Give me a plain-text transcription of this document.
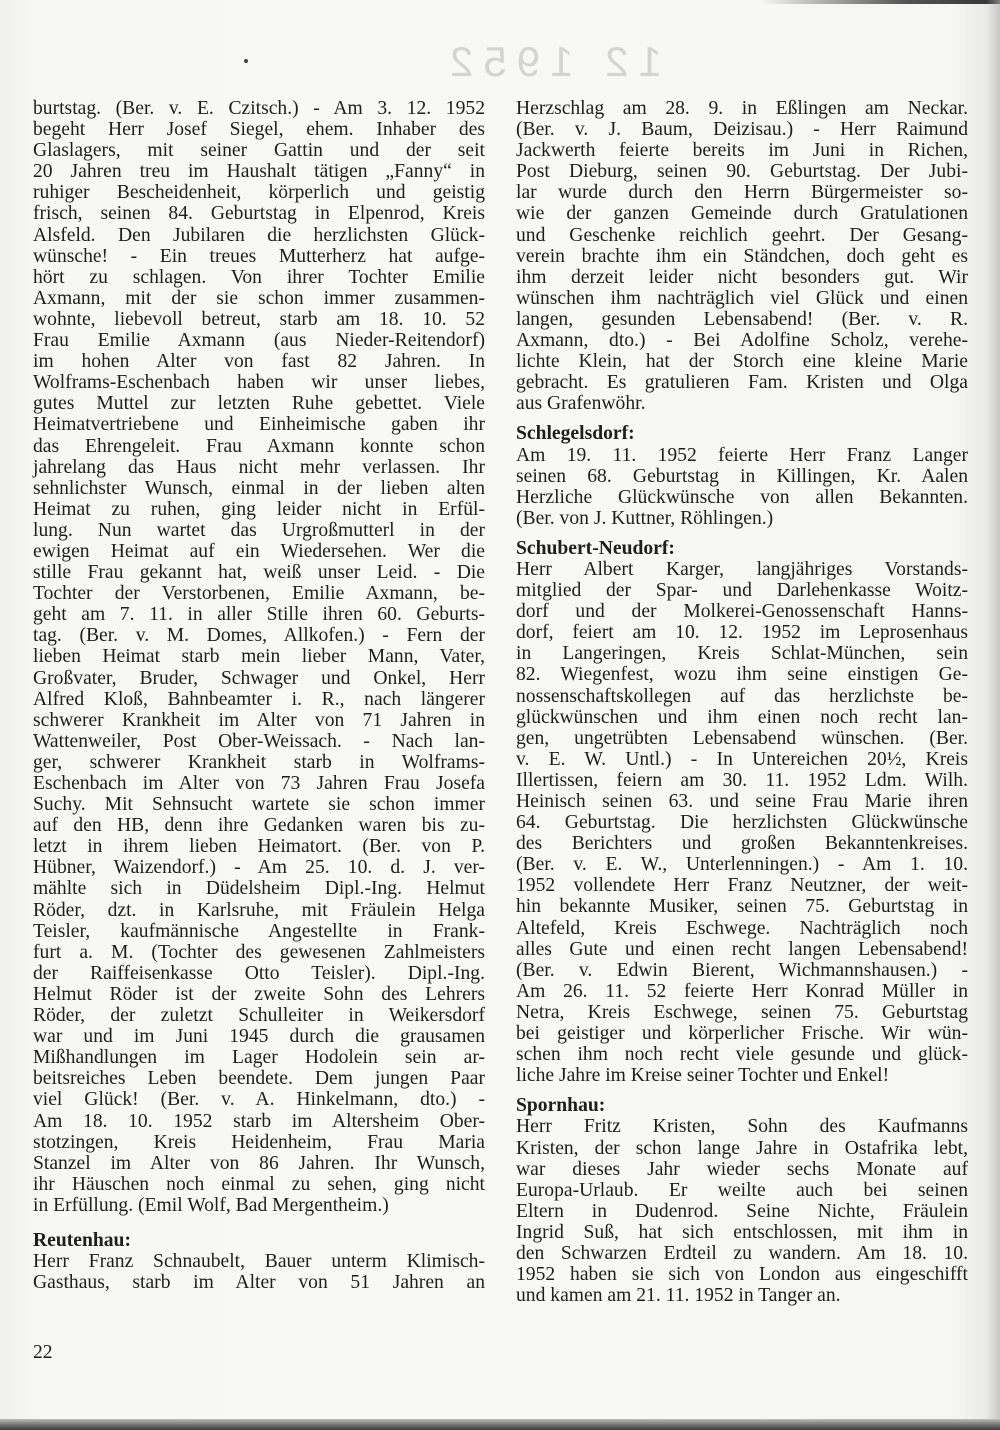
12 1952
burtstag. (Ber. v. E. Czitsch.) - Am 3. 12. 1952
begeht Herr Josef Siegel, ehem. Inhaber des
Glaslagers, mit seiner Gattin und der seit
20 Jahren treu im Haushalt tätigen „Fanny“ in
ruhiger Bescheidenheit, körperlich und geistig
frisch, seinen 84. Geburtstag in Elpenrod, Kreis
Alsfeld. Den Jubilaren die herzlichsten Glück-
wünsche! - Ein treues Mutterherz hat aufge-
hört zu schlagen. Von ihrer Tochter Emilie
Axmann, mit der sie schon immer zusammen-
wohnte, liebevoll betreut, starb am 18. 10. 52
Frau Emilie Axmann (aus Nieder-Reitendorf)
im hohen Alter von fast 82 Jahren. In
Wolframs-Eschenbach haben wir unser liebes,
gutes Muttel zur letzten Ruhe gebettet. Viele
Heimatvertriebene und Einheimische gaben ihr
das Ehrengeleit. Frau Axmann konnte schon
jahrelang das Haus nicht mehr verlassen. Ihr
sehnlichster Wunsch, einmal in der lieben alten
Heimat zu ruhen, ging leider nicht in Erfül-
lung. Nun wartet das Urgroßmutterl in der
ewigen Heimat auf ein Wiedersehen. Wer die
stille Frau gekannt hat, weiß unser Leid. - Die
Tochter der Verstorbenen, Emilie Axmann, be-
geht am 7. 11. in aller Stille ihren 60. Geburts-
tag. (Ber. v. M. Domes, Allkofen.) - Fern der
lieben Heimat starb mein lieber Mann, Vater,
Großvater, Bruder, Schwager und Onkel, Herr
Alfred Kloß, Bahnbeamter i. R., nach längerer
schwerer Krankheit im Alter von 71 Jahren in
Wattenweiler, Post Ober-Weissach. - Nach lan-
ger, schwerer Krankheit starb in Wolframs-
Eschenbach im Alter von 73 Jahren Frau Josefa
Suchy. Mit Sehnsucht wartete sie schon immer
auf den HB, denn ihre Gedanken waren bis zu-
letzt in ihrem lieben Heimatort. (Ber. von P.
Hübner, Waizendorf.) - Am 25. 10. d. J. ver-
mählte sich in Düdelsheim Dipl.-Ing. Helmut
Röder, dzt. in Karlsruhe, mit Fräulein Helga
Teisler, kaufmännische Angestellte in Frank-
furt a. M. (Tochter des gewesenen Zahlmeisters
der Raiffeisenkasse Otto Teisler). Dipl.-Ing.
Helmut Röder ist der zweite Sohn des Lehrers
Röder, der zuletzt Schulleiter in Weikersdorf
war und im Juni 1945 durch die grausamen
Mißhandlungen im Lager Hodolein sein ar-
beitsreiches Leben beendete. Dem jungen Paar
viel Glück! (Ber. v. A. Hinkelmann, dto.) -
Am 18. 10. 1952 starb im Altersheim Ober-
stotzingen, Kreis Heidenheim, Frau Maria
Stanzel im Alter von 86 Jahren. Ihr Wunsch,
ihr Häuschen noch einmal zu sehen, ging nicht
in Erfüllung. (Emil Wolf, Bad Mergentheim.)
Reutenhau:
Herr Franz Schnaubelt, Bauer unterm Klimisch-
Gasthaus, starb im Alter von 51 Jahren an
Herzschlag am 28. 9. in Eßlingen am Neckar.
(Ber. v. J. Baum, Deizisau.) - Herr Raimund
Jackwerth feierte bereits im Juni in Richen,
Post Dieburg, seinen 90. Geburtstag. Der Jubi-
lar wurde durch den Herrn Bürgermeister so-
wie der ganzen Gemeinde durch Gratulationen
und Geschenke reichlich geehrt. Der Gesang-
verein brachte ihm ein Ständchen, doch geht es
ihm derzeit leider nicht besonders gut. Wir
wünschen ihm nachträglich viel Glück und einen
langen, gesunden Lebensabend! (Ber. v. R.
Axmann, dto.) - Bei Adolfine Scholz, verehe-
lichte Klein, hat der Storch eine kleine Marie
gebracht. Es gratulieren Fam. Kristen und Olga
aus Grafenwöhr.
Schlegelsdorf:
Am 19. 11. 1952 feierte Herr Franz Langer
seinen 68. Geburtstag in Killingen, Kr. Aalen
Herzliche Glückwünsche von allen Bekannten.
(Ber. von J. Kuttner, Röhlingen.)
Schubert-Neudorf:
Herr Albert Karger, langjähriges Vorstands-
mitglied der Spar- und Darlehenkasse Woitz-
dorf und der Molkerei-Genossenschaft Hanns-
dorf, feiert am 10. 12. 1952 im Leprosenhaus
in Langeringen, Kreis Schlat-München, sein
82. Wiegenfest, wozu ihm seine einstigen Ge-
nossenschaftskollegen auf das herzlichste be-
glückwünschen und ihm einen noch recht lan-
gen, ungetrübten Lebensabend wünschen. (Ber.
v. E. W. Untl.) - In Untereichen 20½, Kreis
Illertissen, feiern am 30. 11. 1952 Ldm. Wilh.
Heinisch seinen 63. und seine Frau Marie ihren
64. Geburtstag. Die herzlichsten Glückwünsche
des Berichters und großen Bekanntenkreises.
(Ber. v. E. W., Unterlenningen.) - Am 1. 10.
1952 vollendete Herr Franz Neutzner, der weit-
hin bekannte Musiker, seinen 75. Geburtstag in
Altefeld, Kreis Eschwege. Nachträglich noch
alles Gute und einen recht langen Lebensabend!
(Ber. v. Edwin Bierent, Wichmannshausen.) -
Am 26. 11. 52 feierte Herr Konrad Müller in
Netra, Kreis Eschwege, seinen 75. Geburtstag
bei geistiger und körperlicher Frische. Wir wün-
schen ihm noch recht viele gesunde und glück-
liche Jahre im Kreise seiner Tochter und Enkel!
Spornhau:
Herr Fritz Kristen, Sohn des Kaufmanns
Kristen, der schon lange Jahre in Ostafrika lebt,
war dieses Jahr wieder sechs Monate auf
Europa-Urlaub. Er weilte auch bei seinen
Eltern in Dudenrod. Seine Nichte, Fräulein
Ingrid Suß, hat sich entschlossen, mit ihm in
den Schwarzen Erdteil zu wandern. Am 18. 10.
1952 haben sie sich von London aus eingeschifft
und kamen am 21. 11. 1952 in Tanger an.
22
